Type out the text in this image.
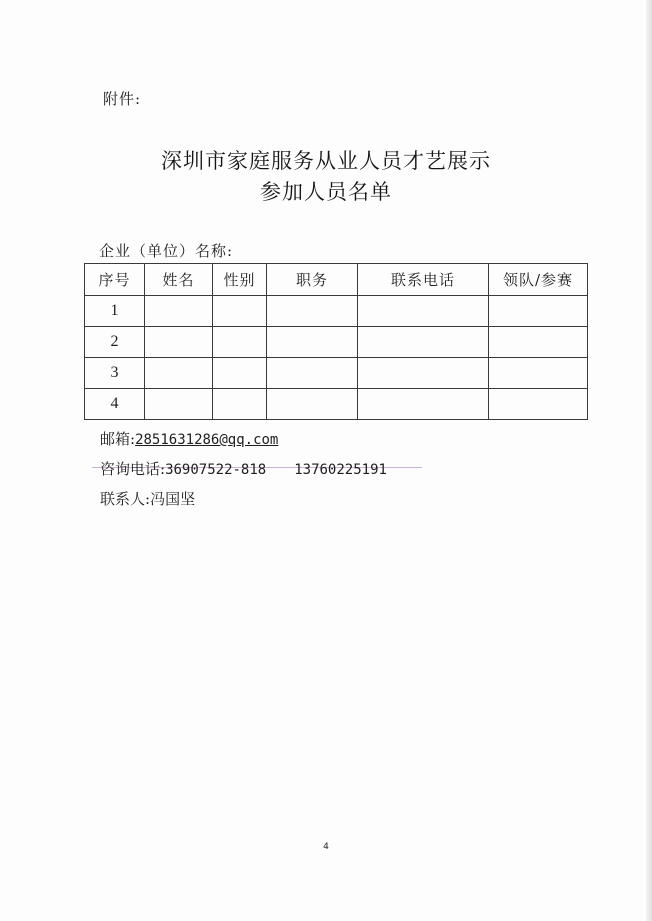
附件:
深圳市家庭服务从业人员才艺展示
参加人员名单
企业（单位）名称:
序号	姓名	性别	职务	联系电话	领队/参赛
1					
2					
3					
4					
邮箱:2851631286@qq.com
咨询电话:36907522-818 13760225191
联系人:冯国坚
4
